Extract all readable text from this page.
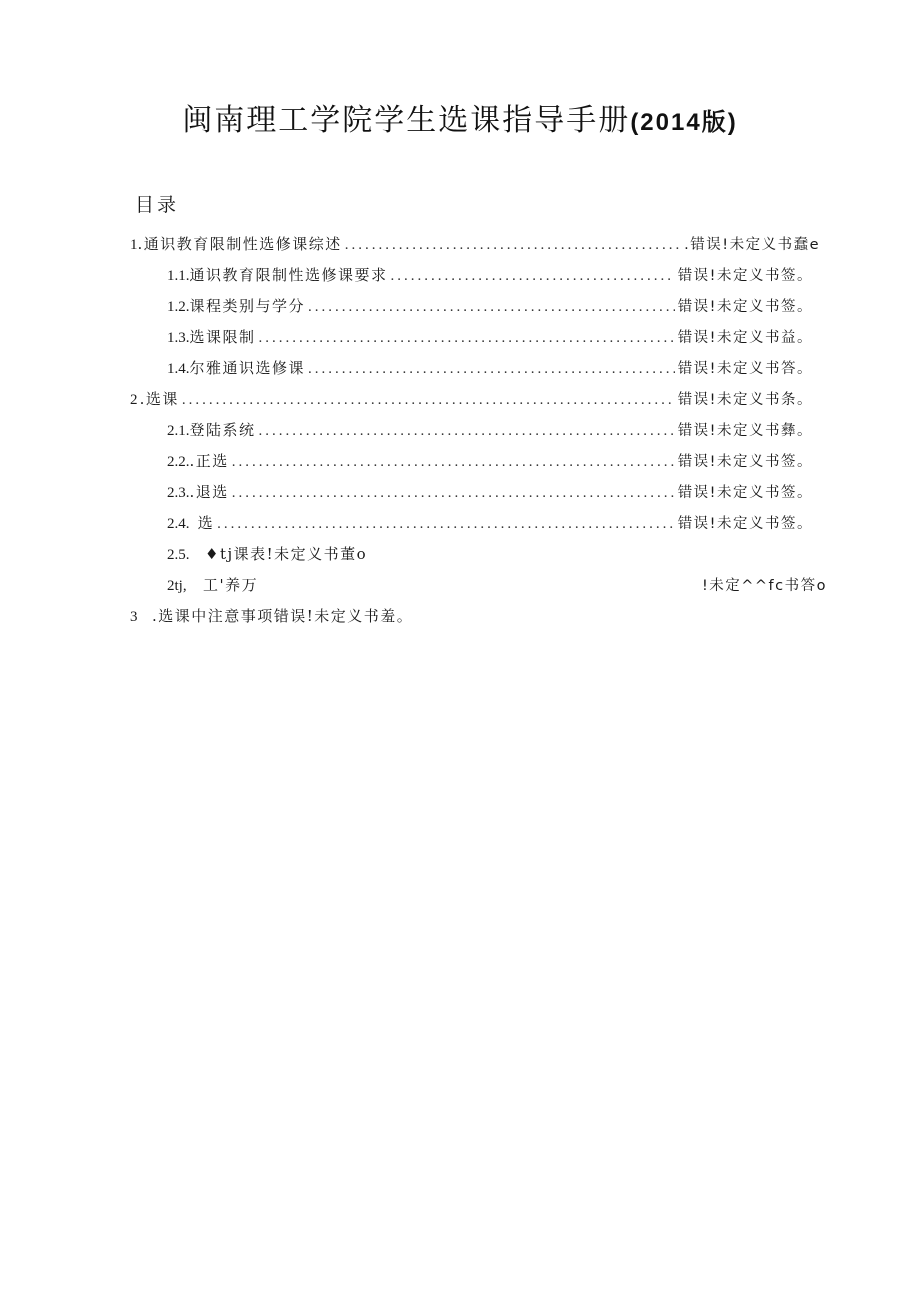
闽南理工学院学生选课指导手册(2014版)
目录
1 .通识教育限制性选修课综述 .....	.错误!未定义书蠢e
1.1. 通识教育限制性选修课要求 .....	错误!未定义书签。
1.2. 课程类别与学分 .....	错误!未定义书签。
1.3. 选课限制 .....	错误!未定义书益。
1.4. 尔雅通识选修课 .....	错误!未定义书答。
2 .选课 .....	错误!未定义书条。
2.1. 登陆系统 .....	错误!未定义书彝。
2.2. .正选 .....	错误!未定义书签。
2.3. .退选 .....	错误!未定义书签。
2.4. 选 .....	错误!未定义书签。
2.5.	♦tj课表!未定义书董o
2tj,	工'养万	!未定^^fc书答o
3 .选课中注意事项错误!未定义书羞。
